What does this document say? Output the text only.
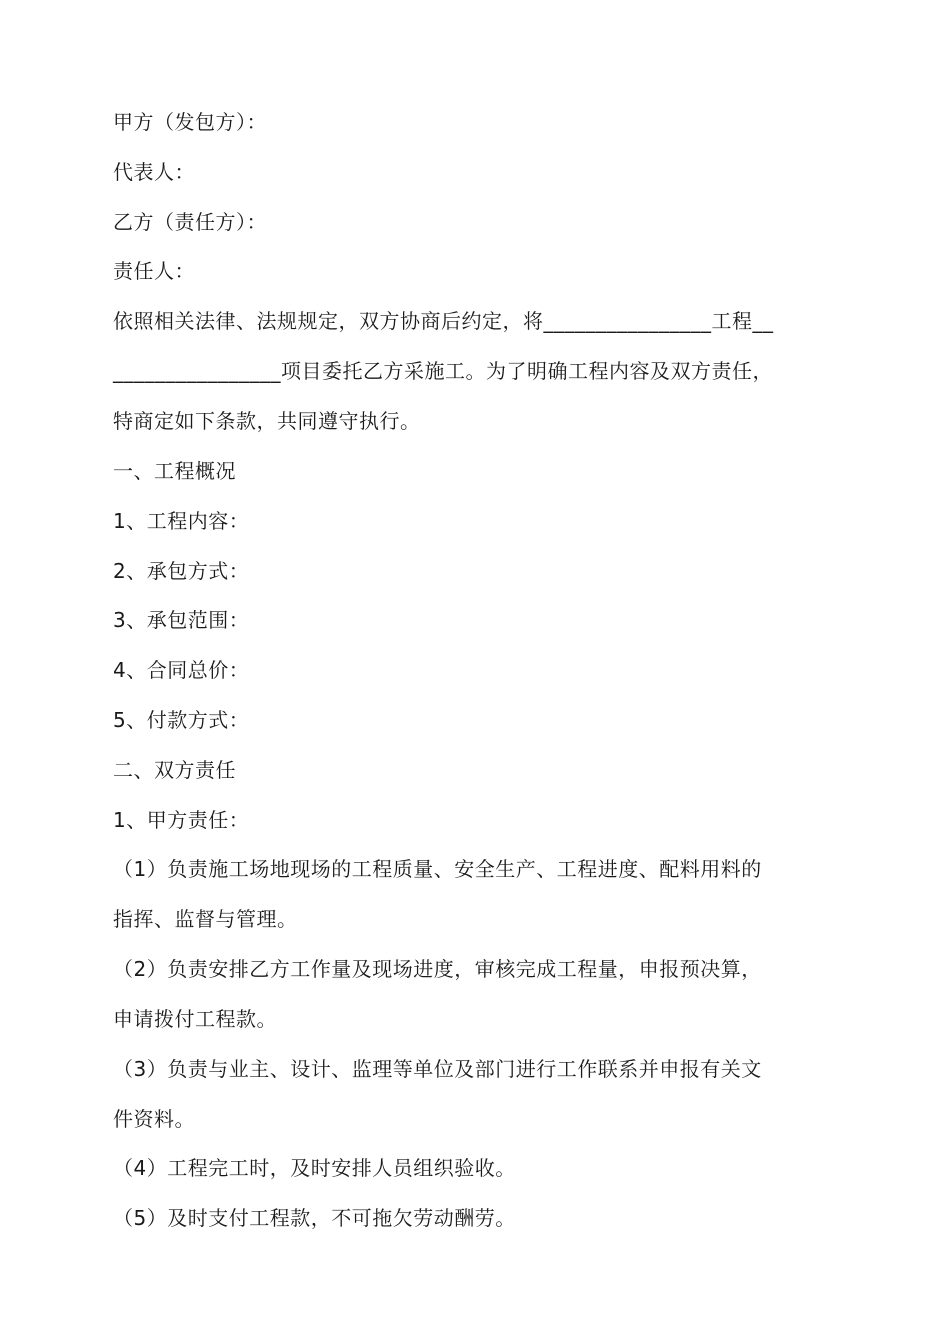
甲方（发包方）：
代表人：
乙方（责任方）：
责任人：
依照相关法律、法规规定，双方协商后约定，将________________工程__
________________项目委托乙方采施工。为了明确工程内容及双方责任，
特商定如下条款，共同遵守执行。
一、工程概况
1、工程内容：
2、承包方式：
3、承包范围：
4、合同总价：
5、付款方式：
二、双方责任
1、甲方责任：
（1）负责施工场地现场的工程质量、安全生产、工程进度、配料用料的
指挥、监督与管理。
（2）负责安排乙方工作量及现场进度，审核完成工程量，申报预决算，
申请拨付工程款。
（3）负责与业主、设计、监理等单位及部门进行工作联系并申报有关文
件资料。
（4）工程完工时，及时安排人员组织验收。
（5）及时支付工程款，不可拖欠劳动酬劳。
